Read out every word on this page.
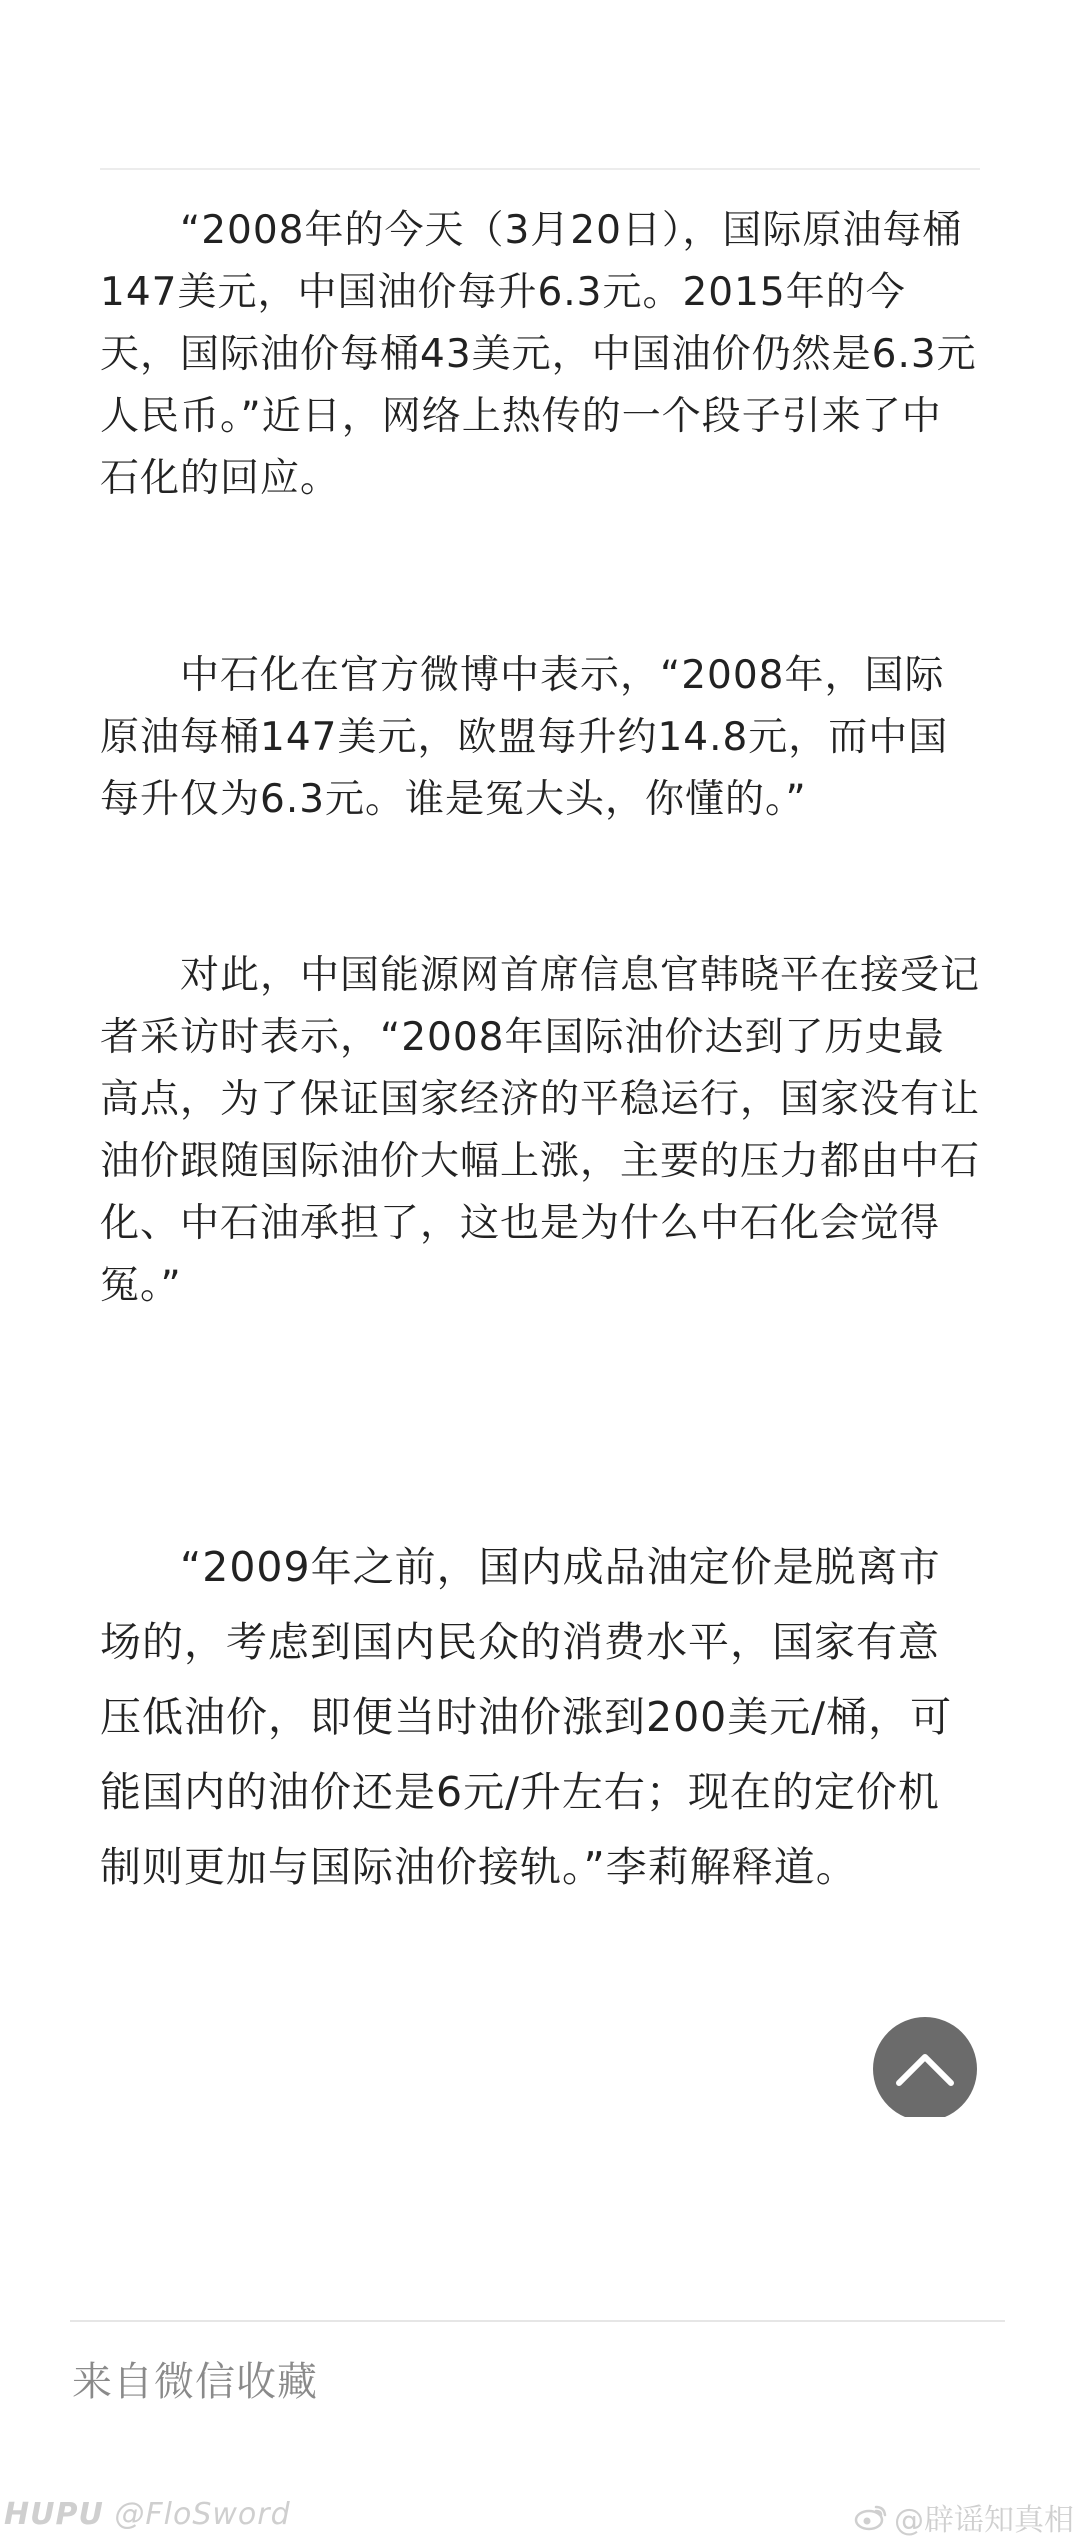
“2008年的今天（3月20日），国际原油每桶147美元，中国油价每升6.3元。2015年的今天，国际油价每桶43美元，中国油价仍然是6.3元人民币。”近日，网络上热传的一个段子引来了中石化的回应。

中石化在官方微博中表示，“2008年，国际原油每桶147美元，欧盟每升约14.8元，而中国每升仅为6.3元。谁是冤大头，你懂的。”

对此，中国能源网首席信息官韩晓平在接受记者采访时表示，“2008年国际油价达到了历史最高点，为了保证国家经济的平稳运行，国家没有让油价跟随国际油价大幅上涨，主要的压力都由中石化、中石油承担了，这也是为什么中石化会觉得 冤。”

“2009年之前，国内成品油定价是脱离市场的，考虑到国内民众的消费水平，国家有意压低油价，即便当时油价涨到200美元/桶，可能国内的油价还是6元/升左右；现在的定价机制则更加与国际油价接轨。”李莉解释道。

来自微信收藏
HUPU @FloSword	@辟谣知真相
